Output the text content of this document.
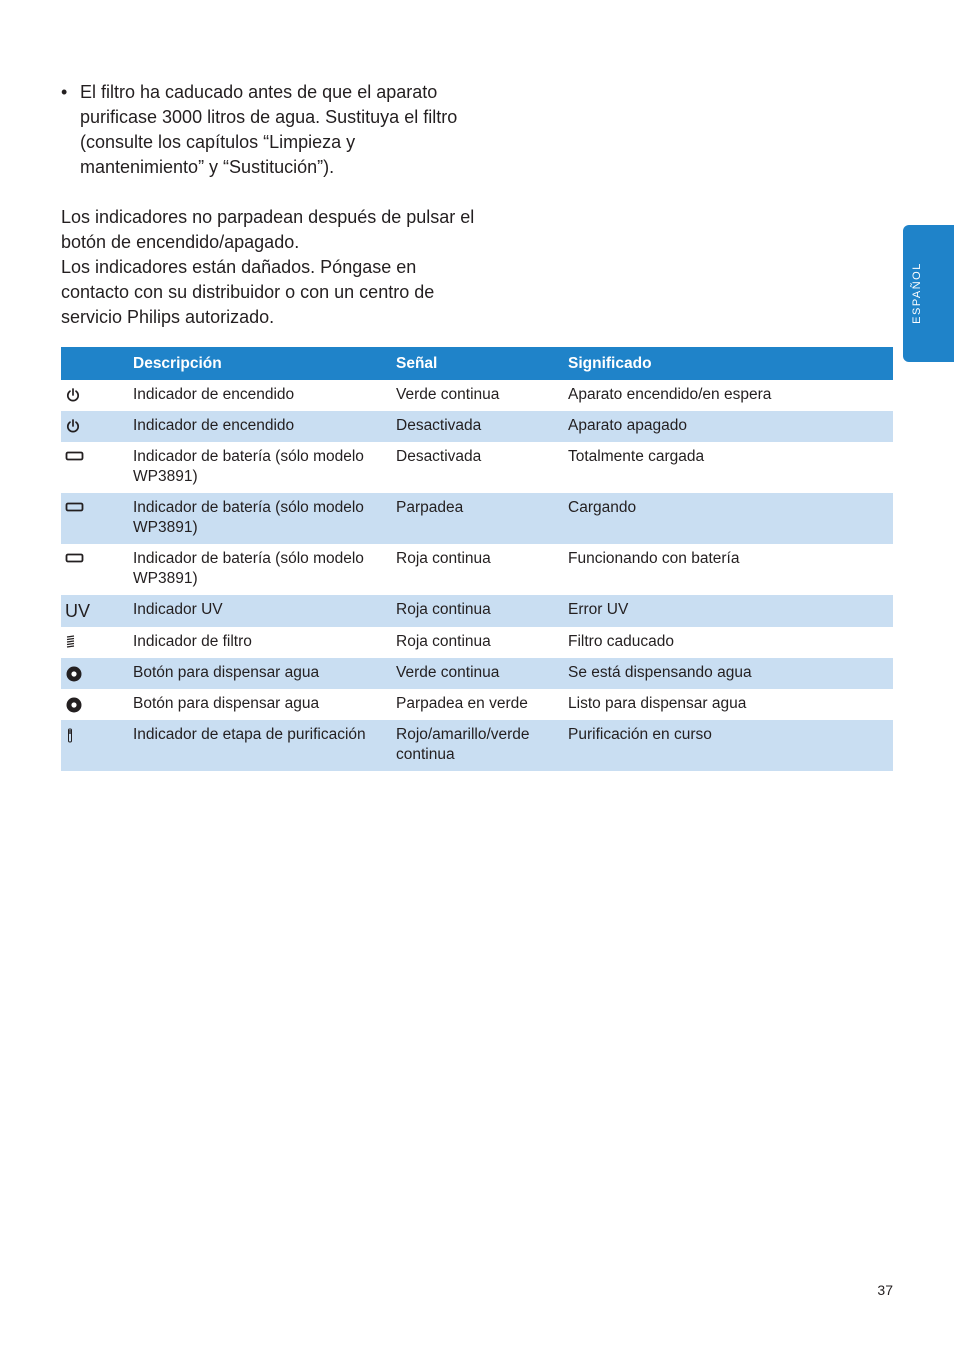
• El filtro ha caducado antes de que el aparato purificase 3000 litros de agua. Sustituya el filtro (consulte los capítulos “Limpieza y mantenimiento” y “Sustitución”).
Los indicadores no parpadean después de pulsar el botón de encendido/apagado.
Los indicadores están dañados. Póngase en contacto con su distribuidor o con un centro de servicio Philips autorizado.	ESPAÑOL
	Descripción	Señal	Significado

	Indicador de encendido	Verde continua	Aparato encendido/en espera

	Indicador de encendido	Desactivada	Aparato apagado

	Indicador de batería (sólo modelo WP3891)	Desactivada	Totalmente cargada

	Indicador de batería (sólo modelo WP3891)	Parpadea	Cargando

	Indicador de batería (sólo modelo WP3891)	Roja continua	Funcionando con batería

UV	Indicador UV	Roja continua	Error UV

	Indicador de filtro	Roja continua	Filtro caducado

	Botón para dispensar agua	Verde continua	Se está dispensando agua

	Botón para dispensar agua	Parpadea en verde	Listo para dispensar agua

	Indicador de etapa de purificación	Rojo/amarillo/verde continua	Purificación en curso
37
